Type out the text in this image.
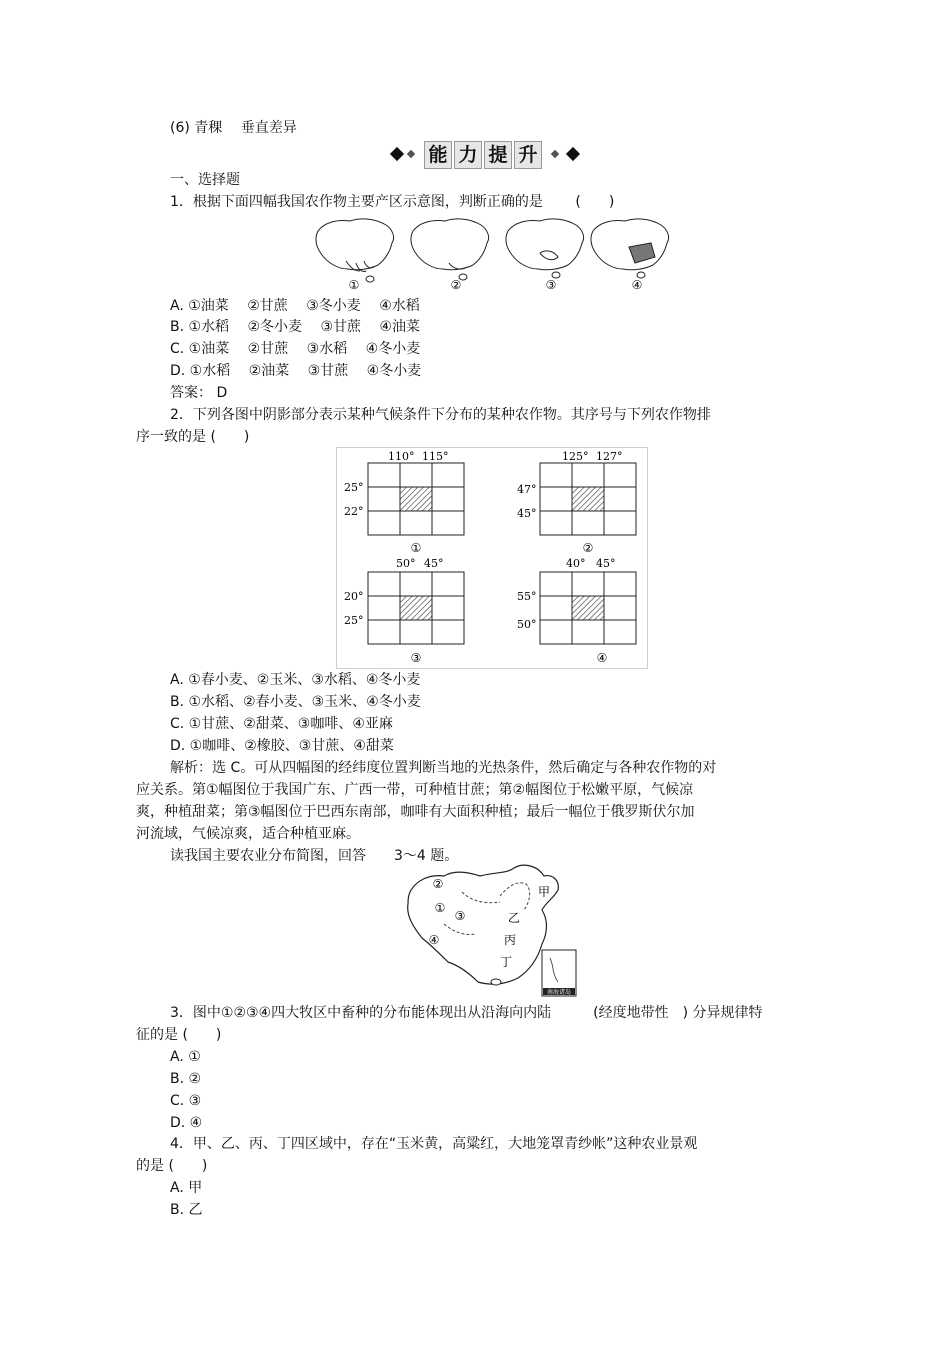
(6) 青稞　 垂直差异
能 力 提 升
一、选择题
1．根据下面四幅我国农作物主要产区示意图，判断正确的是　　 (　　)
①	②	③	④
A. ①油菜　 ②甘蔗　 ③冬小麦　 ④水稻
B. ①水稻　 ②冬小麦　 ③甘蔗　 ④油菜
C. ①油菜　 ②甘蔗　 ③水稻　 ④冬小麦
D. ①水稻　 ②油菜　 ③甘蔗　 ④冬小麦
答案： D
2．下列各图中阴影部分表示某种气候条件下分布的某种农作物。其序号与下列农作物排
序一致的是 (　　)
110° 115°
25°
22°
①
125° 127°
47°
45°
②
50° 45°
20°
25°
③
40° 45°
55°
50°
④
A. ①春小麦、②玉米、③水稻、④冬小麦
B. ①水稻、②春小麦、③玉米、④冬小麦
C. ①甘蔗、②甜菜、③咖啡、④亚麻
D. ①咖啡、②橡胶、③甘蔗、④甜菜
解析：选 C。可从四幅图的经纬度位置判断当地的光热条件，然后确定与各种农作物的对
应关系。第①幅图位于我国广东、广西一带，可种植甘蔗；第②幅图位于松嫩平原，气候凉
爽，种植甜菜；第③幅图位于巴西东南部，咖啡有大面积种植；最后一幅位于俄罗斯伏尔加
河流域，气候凉爽，适合种植亚麻。
读我国主要农业分布简图，回答　　3～4 题。
南海诸岛
①
②
③
④
甲
乙
丙
丁
3．图中①②③④四大牧区中畜种的分布能体现出从沿海向内陆　　　(经度地带性　) 分异规律特
征的是 (　　)
A. ①
B. ②
C. ③
D. ④
4．甲、乙、丙、丁四区域中，存在“玉米黄，高粱红，大地笼罩青纱帐”这种农业景观
的是 (　　)
A. 甲
B. 乙
